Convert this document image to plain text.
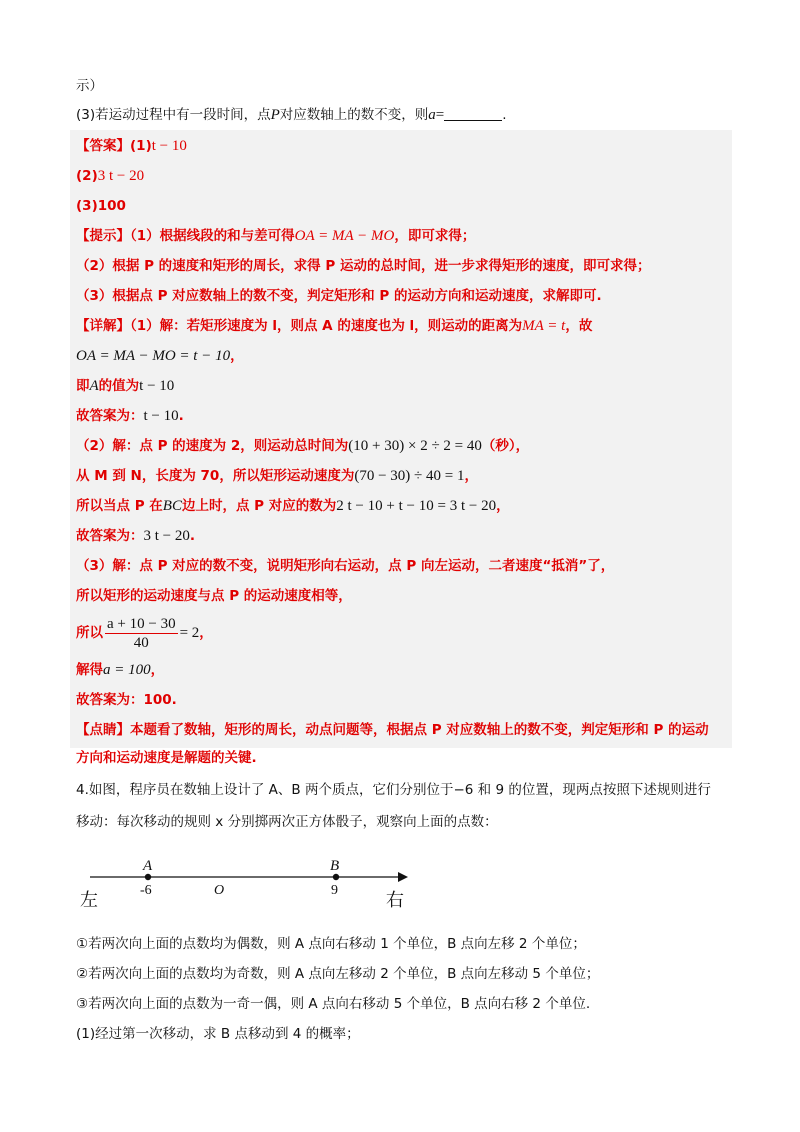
示）
(3)若运动过程中有一段时间，点P对应数轴上的数不变，则a=	.
【答案】(1)t − 10
(2)3 t − 20
(3)100
【提示】（1）根据线段的和与差可得OA = MA − MO，即可求得；
（2）根据 P 的速度和矩形的周长，求得 P 运动的总时间，进一步求得矩形的速度，即可求得；
（3）根据点 P 对应数轴上的数不变，判定矩形和 P 的运动方向和运动速度，求解即可.
【详解】（1）解：若矩形速度为 l，则点 A 的速度也为 l，则运动的距离为MA = t，故
OA = MA − MO = t − 10，
即A的值为t − 10
故答案为：t − 10.
（2）解：点 P 的速度为 2，则运动总时间为(10 + 30) × 2 ÷ 2 = 40（秒），
从 M 到 N，长度为 70，所以矩形运动速度为(70 − 30) ÷ 40 = 1，
所以当点 P 在BC边上时，点 P 对应的数为2 t − 10 + t − 10 = 3 t − 20，
故答案为：3 t − 20.
（3）解：点 P 对应的数不变，说明矩形向右运动，点 P 向左运动，二者速度“抵消”了，
所以矩形的运动速度与点 P 的运动速度相等，
所以 $\frac{a + 10 - 30}{40} = 2$，
解得a = 100，
故答案为：100.
【点睛】本题看了数轴，矩形的周长，动点问题等，根据点 P 对应数轴上的数不变，判定矩形和 P 的运动
方向和运动速度是解题的关键.
4.如图，程序员在数轴上设计了 A、B 两个质点，它们分别位于−6 和 9 的位置，现两点按照下述规则进行
移动：每次移动的规则 x 分别掷两次正方体骰子，观察向上面的点数：
A	B
-6	O	9
左	右
①若两次向上面的点数均为偶数，则 A 点向右移动 1 个单位，B 点向左移 2 个单位；
②若两次向上面的点数均为奇数，则 A 点向左移动 2 个单位，B 点向左移动 5 个单位；
③若两次向上面的点数为一奇一偶，则 A 点向右移动 5 个单位，B 点向右移 2 个单位.
(1)经过第一次移动，求 B 点移动到 4 的概率；
